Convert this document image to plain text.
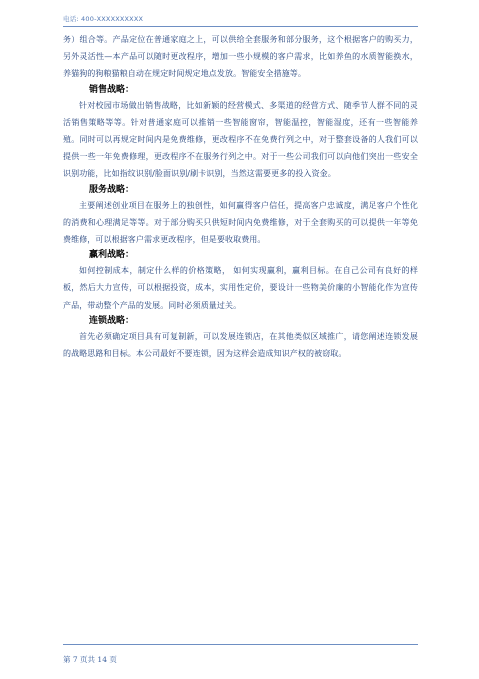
电话: 400-XXXXXXXXXX

务）组合等。产品定位在普通家庭之上，可以供给全套服务和部分服务，这个根据客户的购买力，另外灵活性—本产品可以随时更改程序，增加一些小规模的客户需求，比如养鱼的水质智能换水，养猫狗的狗粮猫粮自动在规定时间规定地点发放。智能安全措施等。

销售战略：

针对校园市场做出销售战略，比如新颖的经营模式、多渠道的经营方式、随季节人群不同的灵活销售策略等等。针对普通家庭可以推销一些智能窗帘，智能温控，智能湿度，还有一些智能养殖。同时可以再规定时间内是免费维修，更改程序不在免费行列之中，对于整套设备的人我们可以提供一些一年免费修理，更改程序不在服务行列之中。对于一些公司我们可以向他们突出一些安全识别功能，比如指纹识别/脸面识别/刷卡识别，当然这需要更多的投入资金。

服务战略：

主要阐述创业项目在服务上的独创性，如何赢得客户信任，提高客户忠诚度，满足客户个性化的消费和心理满足等等。对于部分购买只供短时间内免费维修，对于全套购买的可以提供一年等免费维修，可以根据客户需求更改程序，但是要收取费用。

赢利战略：

如何控制成本，制定什么样的价格策略， 如何实现赢利，赢利目标。在自己公司有良好的样板，然后大力宣传，可以根据投资，成本，实用性定价，要设计一些物美价廉的小智能化作为宣传产品，带动整个产品的发展。同时必须质量过关。

连锁战略：

首先必须确定项目具有可复制新，可以发展连锁店，在其他类似区域推广，请您阐述连锁发展的战略思路和目标。本公司最好不要连锁，因为这样会造成知识产权的被窃取。

第 7 页共 14 页
